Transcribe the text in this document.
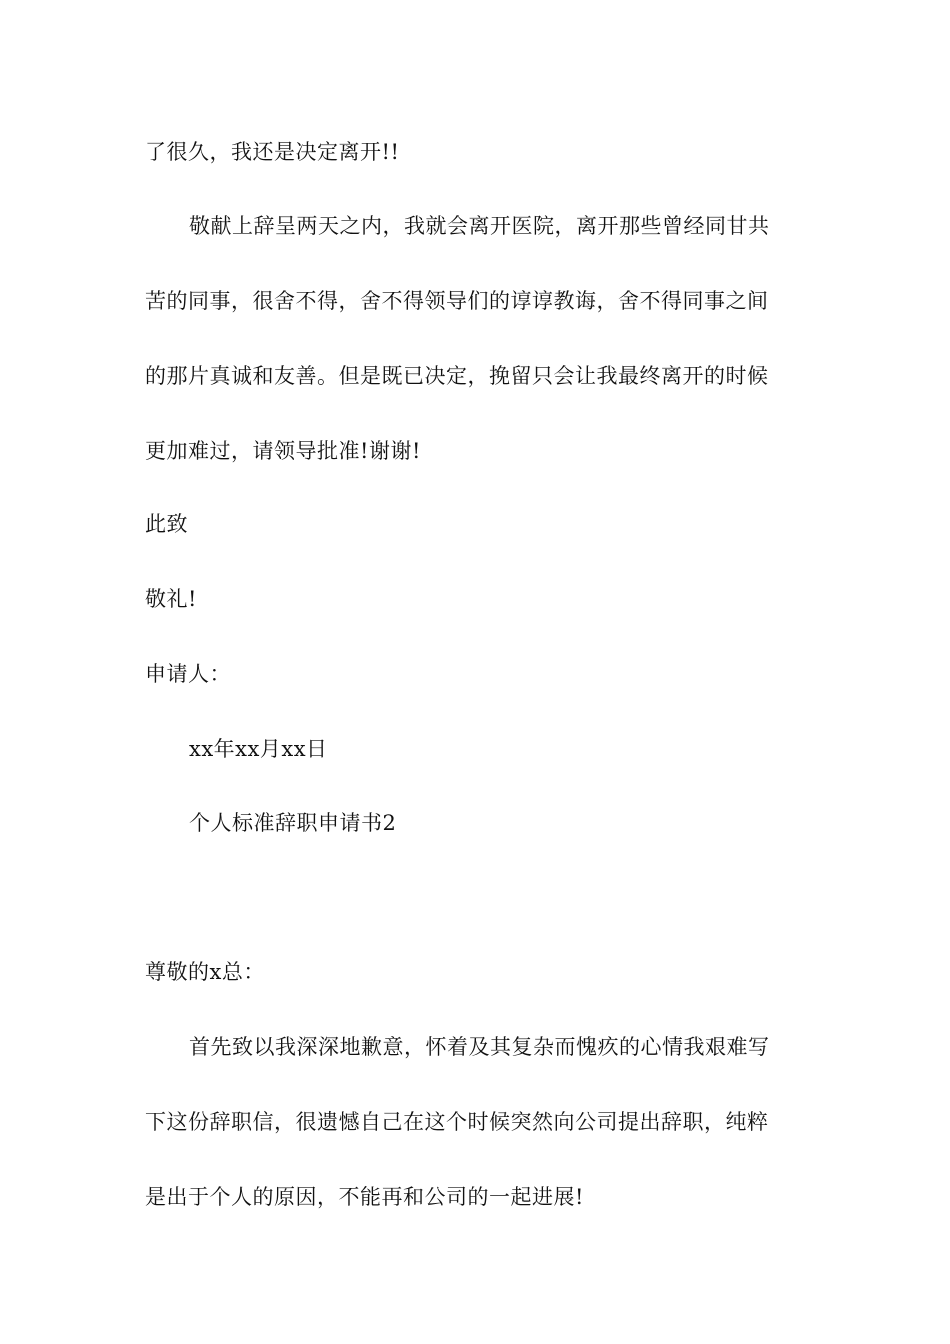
了很久，我还是决定离开!!
敬献上辞呈两天之内，我就会离开医院，离开那些曾经同甘共
苦的同事，很舍不得，舍不得领导们的谆谆教诲，舍不得同事之间
的那片真诚和友善。但是既已决定，挽留只会让我最终离开的时候
更加难过，请领导批准!谢谢!
此致
敬礼!
申请人：
xx年xx月xx日
个人标准辞职申请书2
尊敬的x总：
首先致以我深深地歉意，怀着及其复杂而愧疚的心情我艰难写
下这份辞职信，很遗憾自己在这个时候突然向公司提出辞职，纯粹
是出于个人的原因，不能再和公司的一起进展!
